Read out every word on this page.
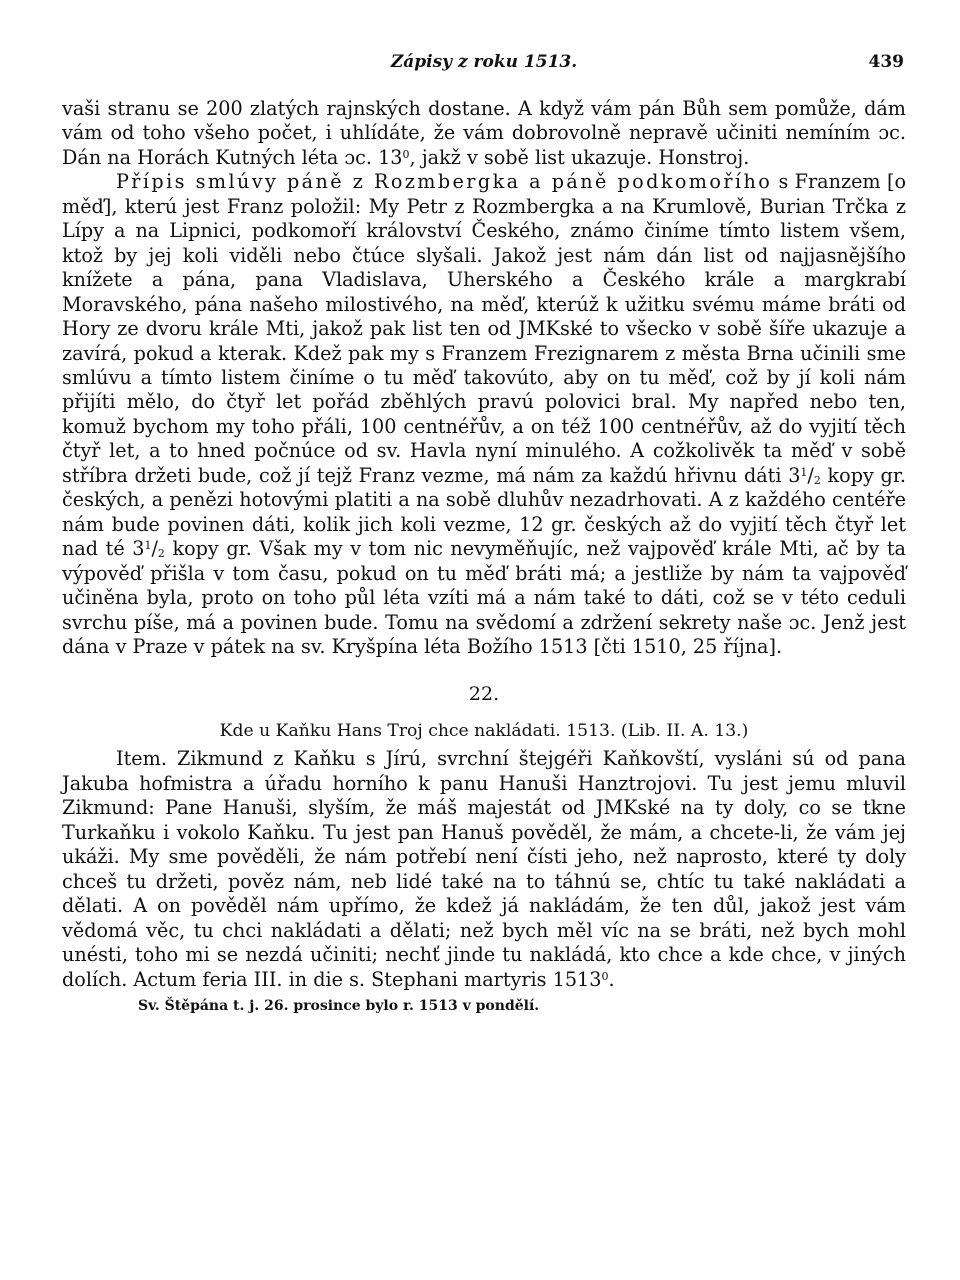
Zápisy z roku 1513.	439

vaši stranu se 200 zlatých rajnských dostane. A když vám pán Bůh sem pomůže, dám vám od toho všeho počet, i uhlídáte, že vám dobrovolně nepravě učiniti nemíním ɔc. Dán na Horách Kutných léta ɔc. $13^0$, jakž v sobě list ukazuje. Honstroj.

Přípis smlúvy páně z Rozmbergka a páně podkomořího s Franzem [o měď], kterú jest Franz položil: My Petr z Rozmbergka a na Krumlově, Burian Trčka z Lípy a na Lipnici, podkomoří království Českého, známo činíme tímto listem všem, ktož by jej koli viděli nebo čtúce slyšali. Jakož jest nám dán list od najjasnějšího knížete a pána, pana Vladislava, Uherského a Českého krále a margkrabí Moravského, pána našeho milostivého, na měď, kterúž k užitku svému máme bráti od Hory ze dvoru krále Mti, jakož pak list ten od JMKské to všecko v sobě šíře ukazuje a zavírá, pokud a kterak. Kdež pak my s Franzem Frezignarem z města Brna učinili sme smlúvu a tímto listem činíme o tu měď takovúto, aby on tu měď, což by jí koli nám přijíti mělo, do čtyř let pořád zběhlých pravú polovici bral. My napřed nebo ten, komuž bychom my toho přáli, 100 centnéřův, a on též 100 centnéřův, až do vyjití těch čtyř let, a to hned počnúce od sv. Havla nyní minulého. A cožkolivěk ta měď v sobě stříbra držeti bude, což jí tejž Franz vezme, má nám za každú hřivnu dáti $3^1/_2$ kopy gr. českých, a penězi hotovými platiti a na sobě dluhův nezadrhovati. A z každého centéře nám bude povinen dáti, kolik jich koli vezme, 12 gr. českých až do vyjití těch čtyř let nad té $3^1/_2$ kopy gr. Však my v tom nic nevyměňujíc, než vajpověď krále Mti, ač by ta výpověď přišla v tom času, pokud on tu měď bráti má; a jestliže by nám ta vajpověď učiněna byla, proto on toho půl léta vzíti má a nám také to dáti, což se v této ceduli svrchu píše, má a povinen bude. Tomu na svědomí a zdržení sekrety naše ɔc. Jenž jest dána v Praze v pátek na sv. Kryšpína léta Božího 1513 [čti 1510, 25 října].

22.
Kde u Kaňku Hans Troj chce nakládati. 1513. (Lib. II. A. 13.)

Item. Zikmund z Kaňku s Jírú, svrchní štejgéři Kaňkovští, vysláni sú od pana Jakuba hofmistra a úřadu horního k panu Hanuši Hanztrojovi. Tu jest jemu mluvil Zikmund: Pane Hanuši, slyším, že máš majestát od JMKské na ty doly, co se tkne Turkaňku i vokolo Kaňku. Tu jest pan Hanuš pověděl, že mám, a chcete-li, že vám jej ukáži. My sme pověděli, že nám potřebí není čísti jeho, než naprosto, které ty doly chceš tu držeti, pověz nám, neb lidé také na to táhnú se, chtíc tu také nakládati a dělati. A on pověděl nám upřímo, že kdež já nakládám, že ten důl, jakož jest vám vědomá věc, tu chci nakládati a dělati; než bych měl víc na se bráti, než bych mohl unésti, toho mi se nezdá učiniti; nechť jinde tu nakládá, kto chce a kde chce, v jiných dolích. Actum feria III. in die s. Stephani martyris 1513$^0$.

Sv. Štěpána t. j. 26. prosince bylo r. 1513 v pondělí.
